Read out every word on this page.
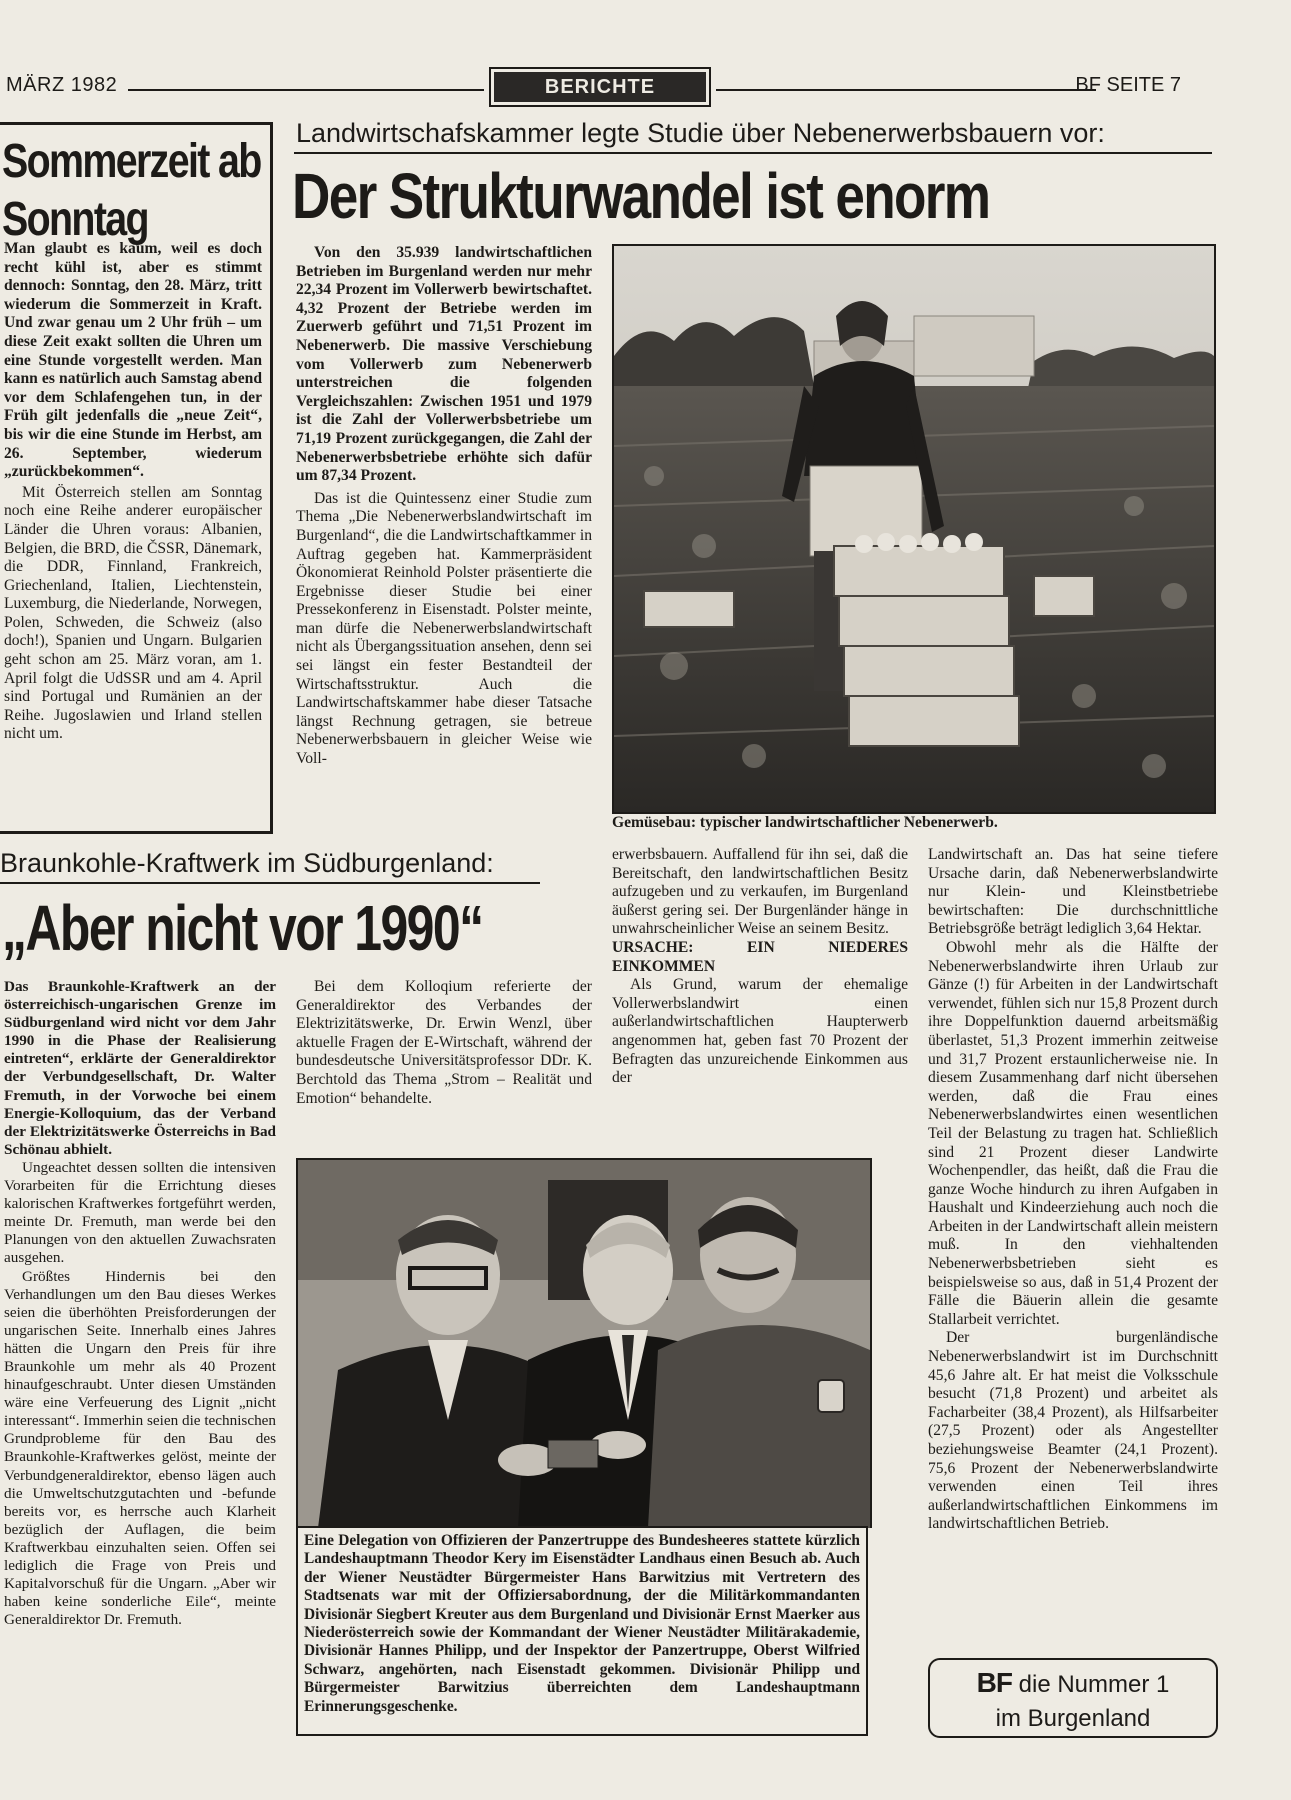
MÄRZ 1982	BERICHTE	BF SEITE 7
Sommerzeit ab Sonntag

Man glaubt es kaum, weil es doch recht kühl ist, aber es stimmt dennoch: Sonntag, den 28. März, tritt wiederum die Sommerzeit in Kraft. Und zwar genau um 2 Uhr früh – um diese Zeit exakt sollten die Uhren um eine Stunde vorgestellt werden. Man kann es natürlich auch Samstag abend vor dem Schlafengehen tun, in der Früh gilt jedenfalls die „neue Zeit“, bis wir die eine Stunde im Herbst, am 26. September, wiederum „zurückbekommen“.

Mit Österreich stellen am Sonntag noch eine Reihe anderer europäischer Länder die Uhren voraus: Albanien, Belgien, die BRD, die ČSSR, Dänemark, die DDR, Finnland, Frankreich, Griechenland, Italien, Liechtenstein, Luxemburg, die Niederlande, Norwegen, Polen, Schweden, die Schweiz (also doch!), Spanien und Ungarn. Bulgarien geht schon am 25. März voran, am 1. April folgt die UdSSR und am 4. April sind Portugal und Rumänien an der Reihe. Jugoslawien und Irland stellen nicht um.

Landwirtschafskammer legte Studie über Nebenerwerbsbauern vor:
Der Strukturwandel ist enorm

Von den 35.939 landwirtschaftlichen Betrieben im Burgenland werden nur mehr 22,34 Prozent im Vollerwerb bewirtschaftet. 4,32 Prozent der Betriebe werden im Zuerwerb geführt und 71,51 Prozent im Nebenerwerb. Die massive Verschiebung vom Vollerwerb zum Nebenerwerb unterstreichen die folgenden Vergleichszahlen: Zwischen 1951 und 1979 ist die Zahl der Vollerwerbsbetriebe um 71,19 Prozent zurückgegangen, die Zahl der Nebenerwerbsbetriebe erhöhte sich dafür um 87,34 Prozent.

Das ist die Quintessenz einer Studie zum Thema „Die Nebenerwerbslandwirtschaft im Burgenland“, die die Landwirtschaftkammer in Auftrag gegeben hat. Kammerpräsident Ökonomierat Reinhold Polster präsentierte die Ergebnisse dieser Studie bei einer Pressekonferenz in Eisenstadt. Polster meinte, man dürfe die Nebenerwerbslandwirtschaft nicht als Übergangssituation ansehen, denn sei sei längst ein fester Bestandteil der Wirtschaftsstruktur. Auch die Landwirtschaftskammer habe dieser Tatsache längst Rechnung getragen, sie betreue Nebenerwerbsbauern in gleicher Weise wie Voll-

Gemüsebau: typischer landwirtschaftlicher Nebenerwerb.

erwerbsbauern. Auffallend für ihn sei, daß die Bereitschaft, den landwirtschaftlichen Besitz aufzugeben und zu verkaufen, im Burgenland äußerst gering sei. Der Burgenländer hänge in unwahrscheinlicher Weise an seinem Besitz.

URSACHE: EIN NIEDERES EINKOMMEN

Als Grund, warum der ehemalige Vollerwerbslandwirt einen außerlandwirtschaftlichen Haupterwerb angenommen hat, geben fast 70 Prozent der Befragten das unzureichende Einkommen aus der

Landwirtschaft an. Das hat seine tiefere Ursache darin, daß Nebenerwerbslandwirte nur Klein- und Kleinstbetriebe bewirtschaften: Die durchschnittliche Betriebsgröße beträgt lediglich 3,64 Hektar.

Obwohl mehr als die Hälfte der Nebenerwerbslandwirte ihren Urlaub zur Gänze (!) für Arbeiten in der Landwirtschaft verwendet, fühlen sich nur 15,8 Prozent durch ihre Doppelfunktion dauernd arbeitsmäßig überlastet, 51,3 Prozent immerhin zeitweise und 31,7 Prozent erstaunlicherweise nie. In diesem Zusammenhang darf nicht übersehen werden, daß die Frau eines Nebenerwerbslandwirtes einen wesentlichen Teil der Belastung zu tragen hat. Schließlich sind 21 Prozent dieser Landwirte Wochenpendler, das heißt, daß die Frau die ganze Woche hindurch zu ihren Aufgaben in Haushalt und Kindeerziehung auch noch die Arbeiten in der Landwirtschaft allein meistern muß. In den viehhaltenden Nebenerwerbsbetrieben sieht es beispielsweise so aus, daß in 51,4 Prozent der Fälle die Bäuerin allein die gesamte Stallarbeit verrichtet.

Der burgenländische Nebenerwerbslandwirt ist im Durchschnitt 45,6 Jahre alt. Er hat meist die Volksschule besucht (71,8 Prozent) und arbeitet als Facharbeiter (38,4 Prozent), als Hilfsarbeiter (27,5 Prozent) oder als Angestellter beziehungsweise Beamter (24,1 Prozent). 75,6 Prozent der Nebenerwerbslandwirte verwenden einen Teil ihres außerlandwirtschaftlichen Einkommens im landwirtschaftlichen Betrieb.

Braunkohle-Kraftwerk im Südburgenland:
„Aber nicht vor 1990“

Das Braunkohle-Kraftwerk an der österreichisch-ungarischen Grenze im Südburgenland wird nicht vor dem Jahr 1990 in die Phase der Realisierung eintreten“, erklärte der Generaldirektor der Verbundgesellschaft, Dr. Walter Fremuth, in der Vorwoche bei einem Energie-Kolloquium, das der Verband der Elektrizitätswerke Österreichs in Bad Schönau abhielt.

Ungeachtet dessen sollten die intensiven Vorarbeiten für die Errichtung dieses kalorischen Kraftwerkes fortgeführt werden, meinte Dr. Fremuth, man werde bei den Planungen von den aktuellen Zuwachsraten ausgehen.

Größtes Hindernis bei den Verhandlungen um den Bau dieses Werkes seien die überhöhten Preisforderungen der ungarischen Seite. Innerhalb eines Jahres hätten die Ungarn den Preis für ihre Braunkohle um mehr als 40 Prozent hinaufgeschraubt. Unter diesen Umständen wäre eine Verfeuerung des Lignit „nicht interessant“. Immerhin seien die technischen Grundprobleme für den Bau des Braunkohle-Kraftwerkes gelöst, meinte der Verbundgeneraldirektor, ebenso lägen auch die Umweltschutzgutachten und -befunde bereits vor, es herrsche auch Klarheit bezüglich der Auflagen, die beim Kraftwerkbau einzuhalten seien. Offen sei lediglich die Frage von Preis und Kapitalvorschuß für die Ungarn. „Aber wir haben keine sonderliche Eile“, meinte Generaldirektor Dr. Fremuth.

Bei dem Kolloqium referierte der Generaldirektor des Verbandes der Elektrizitätswerke, Dr. Erwin Wenzl, über aktuelle Fragen der E-Wirtschaft, während der bundesdeutsche Universitätsprofessor DDr. K. Berchtold das Thema „Strom – Realität und Emotion“ behandelte.

Eine Delegation von Offizieren der Panzertruppe des Bundesheeres stattete kürzlich Landeshauptmann Theodor Kery im Eisenstädter Landhaus einen Besuch ab. Auch der Wiener Neustädter Bürgermeister Hans Barwitzius mit Vertretern des Stadtsenats war mit der Offiziersabordnung, der die Militärkommandanten Divisionär Siegbert Kreuter aus dem Burgenland und Divisionär Ernst Maerker aus Niederösterreich sowie der Kommandant der Wiener Neustädter Militärakademie, Divisionär Hannes Philipp, und der Inspektor der Panzertruppe, Oberst Wilfried Schwarz, angehörten, nach Eisenstadt gekommen. Divisionär Philipp und Bürgermeister Barwitzius überreichten dem Landeshauptmann Erinnerungsgeschenke.
BF die Nummer 1
im Burgenland
